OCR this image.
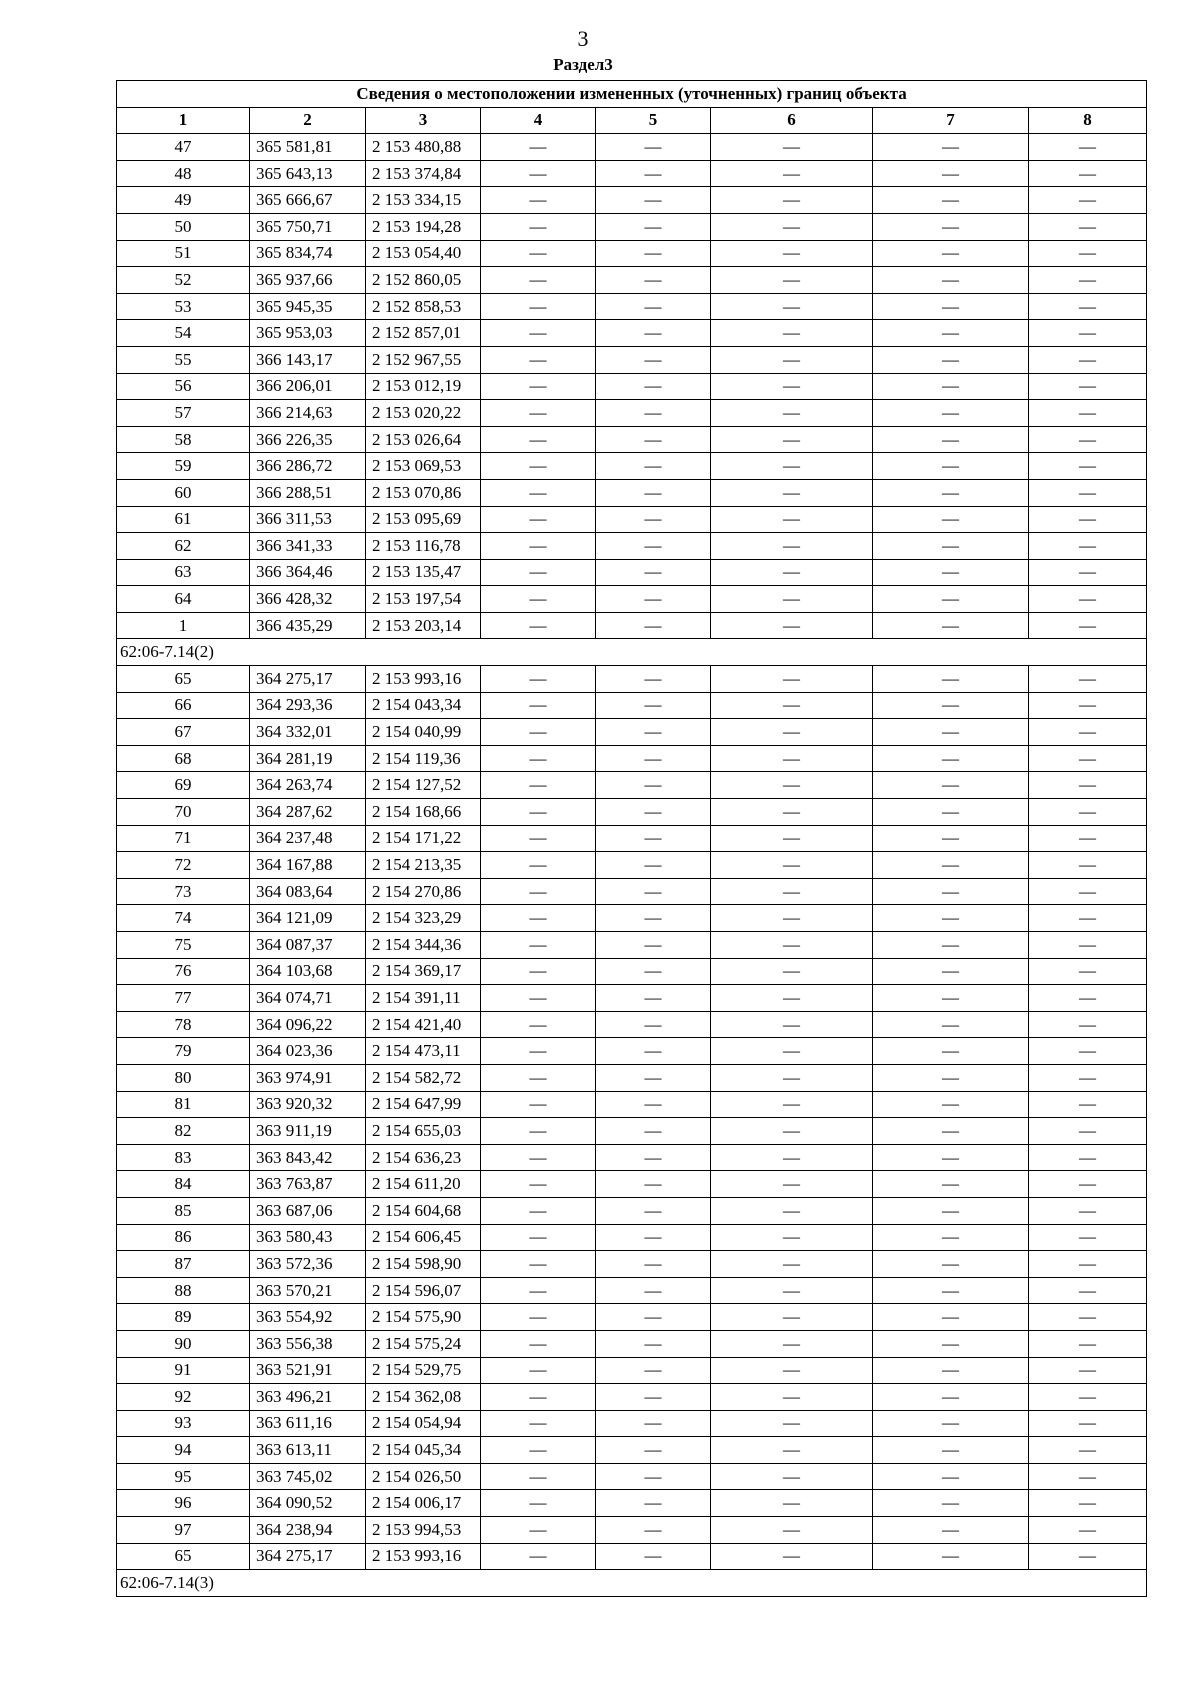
3
Раздел3
Сведения о местоположении измененных (уточненных) границ объекта							
1	2	3	4	5	6	7	8
47	365 581,81	2 153 480,88	—	—	—	—	—
48	365 643,13	2 153 374,84	—	—	—	—	—
49	365 666,67	2 153 334,15	—	—	—	—	—
50	365 750,71	2 153 194,28	—	—	—	—	—
51	365 834,74	2 153 054,40	—	—	—	—	—
52	365 937,66	2 152 860,05	—	—	—	—	—
53	365 945,35	2 152 858,53	—	—	—	—	—
54	365 953,03	2 152 857,01	—	—	—	—	—
55	366 143,17	2 152 967,55	—	—	—	—	—
56	366 206,01	2 153 012,19	—	—	—	—	—
57	366 214,63	2 153 020,22	—	—	—	—	—
58	366 226,35	2 153 026,64	—	—	—	—	—
59	366 286,72	2 153 069,53	—	—	—	—	—
60	366 288,51	2 153 070,86	—	—	—	—	—
61	366 311,53	2 153 095,69	—	—	—	—	—
62	366 341,33	2 153 116,78	—	—	—	—	—
63	366 364,46	2 153 135,47	—	—	—	—	—
64	366 428,32	2 153 197,54	—	—	—	—	—
1	366 435,29	2 153 203,14	—	—	—	—	—
62:06-7.14(2)							
65	364 275,17	2 153 993,16	—	—	—	—	—
66	364 293,36	2 154 043,34	—	—	—	—	—
67	364 332,01	2 154 040,99	—	—	—	—	—
68	364 281,19	2 154 119,36	—	—	—	—	—
69	364 263,74	2 154 127,52	—	—	—	—	—
70	364 287,62	2 154 168,66	—	—	—	—	—
71	364 237,48	2 154 171,22	—	—	—	—	—
72	364 167,88	2 154 213,35	—	—	—	—	—
73	364 083,64	2 154 270,86	—	—	—	—	—
74	364 121,09	2 154 323,29	—	—	—	—	—
75	364 087,37	2 154 344,36	—	—	—	—	—
76	364 103,68	2 154 369,17	—	—	—	—	—
77	364 074,71	2 154 391,11	—	—	—	—	—
78	364 096,22	2 154 421,40	—	—	—	—	—
79	364 023,36	2 154 473,11	—	—	—	—	—
80	363 974,91	2 154 582,72	—	—	—	—	—
81	363 920,32	2 154 647,99	—	—	—	—	—
82	363 911,19	2 154 655,03	—	—	—	—	—
83	363 843,42	2 154 636,23	—	—	—	—	—
84	363 763,87	2 154 611,20	—	—	—	—	—
85	363 687,06	2 154 604,68	—	—	—	—	—
86	363 580,43	2 154 606,45	—	—	—	—	—
87	363 572,36	2 154 598,90	—	—	—	—	—
88	363 570,21	2 154 596,07	—	—	—	—	—
89	363 554,92	2 154 575,90	—	—	—	—	—
90	363 556,38	2 154 575,24	—	—	—	—	—
91	363 521,91	2 154 529,75	—	—	—	—	—
92	363 496,21	2 154 362,08	—	—	—	—	—
93	363 611,16	2 154 054,94	—	—	—	—	—
94	363 613,11	2 154 045,34	—	—	—	—	—
95	363 745,02	2 154 026,50	—	—	—	—	—
96	364 090,52	2 154 006,17	—	—	—	—	—
97	364 238,94	2 153 994,53	—	—	—	—	—
65	364 275,17	2 153 993,16	—	—	—	—	—
62:06-7.14(3)							
